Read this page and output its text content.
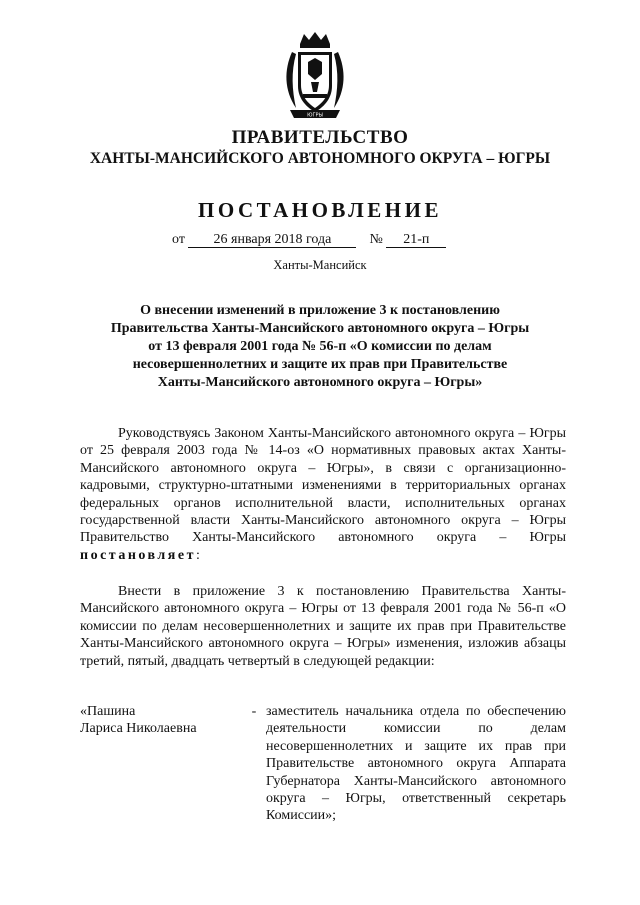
ЮГРЫ
ПРАВИТЕЛЬСТВО
ХАНТЫ-МАНСИЙСКОГО АВТОНОМНОГО ОКРУГА – ЮГРЫ
ПОСТАНОВЛЕНИЕ
от 26 января 2018 года	№ 21-п
Ханты-Мансийск
О внесении изменений в приложение 3 к постановлению
Правительства Ханты-Мансийского автономного округа – Югры
от 13 февраля 2001 года № 56-п «О комиссии по делам
несовершеннолетних и защите их прав при Правительстве
Ханты-Мансийского автономного округа – Югры»
Руководствуясь Законом Ханты-Мансийского автономного округа – Югры от 25 февраля 2003 года № 14-оз «О нормативных правовых актах Ханты-Мансийского автономного округа – Югры», в связи с организационно-кадровыми, структурно-штатными изменениями в территориальных органах федеральных органов исполнительной власти, исполнительных органах государственной власти Ханты-Мансийского автономного округа – Югры Правительство Ханты-Мансийского автономного округа – Югры постановляет:
Внести в приложение 3 к постановлению Правительства Ханты-Мансийского автономного округа – Югры от 13 февраля 2001 года № 56-п «О комиссии по делам несовершеннолетних и защите их прав при Правительстве Ханты-Мансийского автономного округа – Югры» изменения, изложив абзацы третий, пятый, двадцать четвертый в следующей редакции:
«Пашина
Лариса Николаевна
- заместитель начальника отдела по обеспечению деятельности комиссии по делам несовершеннолетних и защите их прав при Правительстве автономного округа Аппарата Губернатора Ханты-Мансийского автономного округа – Югры, ответственный секретарь Комиссии»;
